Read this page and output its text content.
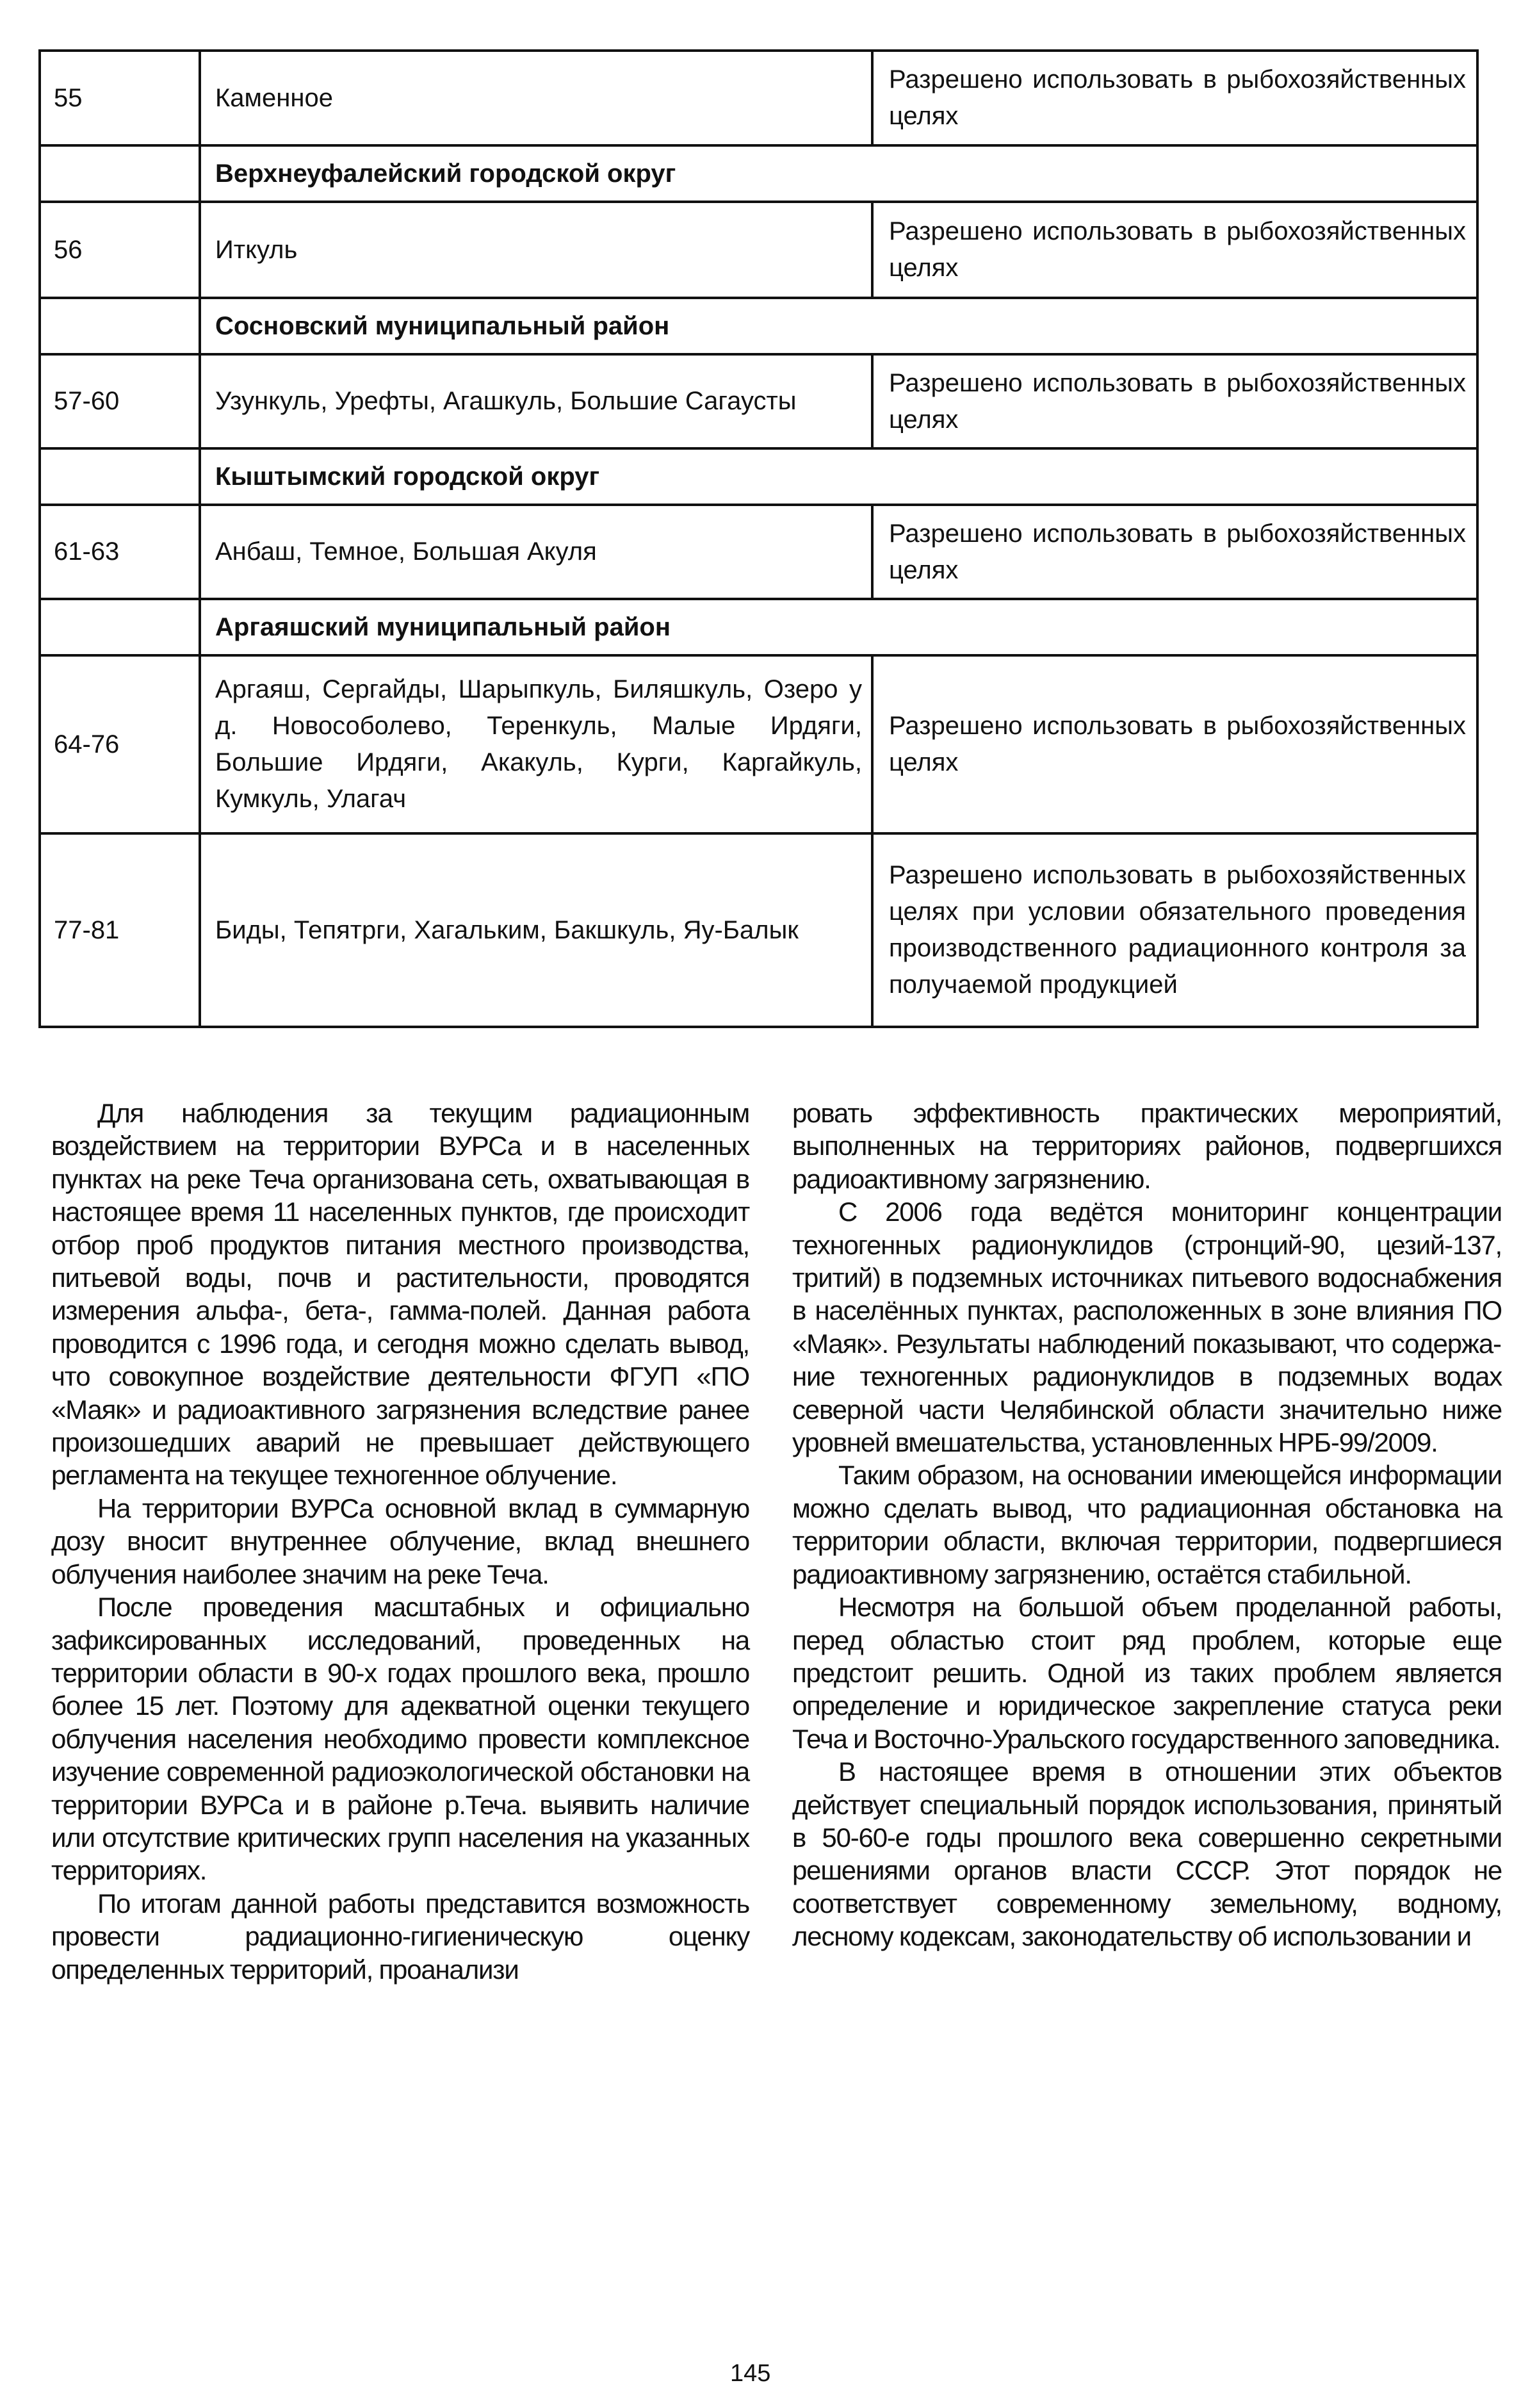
55	Каменное	Разрешено использовать в рыбохозяйственных целях
	Верхнеуфалейский городской округ	
56	Иткуль	Разрешено использовать в рыбохозяйственных целях
	Сосновский муниципальный район	
57-60	Узункуль, Урефты, Агашкуль, Большие Сагаусты	Разрешено использовать в рыбохозяйственных целях
	Кыштымский городской округ	
61-63	Анбаш, Темное, Большая Акуля	Разрешено использовать в рыбохозяйственных целях
	Аргаяшский муниципальный район	
64-76	Аргаяш, Сергайды, Шарыпкуль, Биляшкуль, Озеро у д. Новособолево, Теренкуль, Малые Ирдяги, Большие Ирдяги, Акакуль, Курги, Каргайкуль, Кумкуль, Улагач	Разрешено использовать в рыбохозяйственных целях
77-81	Биды, Тепятрги, Хагальким, Бакшкуль, Яу-Балык	Разрешено использовать в рыбохозяйственных целях при условии обязательного проведения производственного радиационного контроля за получаемой продукцией

Для наблюдения за текущим радиационным воздействием на территории ВУРСа и в населенных пунктах на реке Теча организована сеть, охватывающая в настоящее время 11 населенных пунктов, где происходит отбор проб продуктов питания местного производства, питьевой воды, почв и растительности, проводятся измерения альфа-, бета-, гамма-полей. Данная работа проводится с 1996 года, и сегодня можно сделать вывод, что совокупное воздействие деятельности ФГУП «ПО «Маяк» и радиоактивного загрязнения вследствие ранее произошедших аварий не превышает действующего регламента на текущее техногенное облучение.

На территории ВУРСа основной вклад в суммарную дозу вносит внутреннее облучение, вклад внешнего облучения наиболее значим на реке Теча.

После проведения масштабных и официально зафиксированных исследований, проведенных на территории области в 90-х годах прошлого века, прошло более 15 лет. Поэтому для адекватной оценки текущего облучения населения необходимо провести комплексное изучение современной радиоэкологической обстановки на территории ВУРСа и в районе р.Теча. выявить наличие или отсутствие критических групп населения на указанных территориях.

По итогам данной работы представится возможность провести радиационно-гигиеническую оценку определенных территорий, проанализи

ровать эффективность практических мероприятий, выполненных на территориях районов, подвергшихся радиоактивному загрязнению.

С 2006 года ведётся мониторинг концентрации техногенных радионуклидов (стронций-90, цезий-137, тритий) в подземных источниках питьевого водоснабжения в населённых пунктах, расположенных в зоне влияния ПО «Маяк». Результаты наблюдений показывают, что содержание техногенных радионуклидов в подземных водах северной части Челябинской области значительно ниже уровней вмешательства, установленных НРБ-99/2009.

Таким образом, на основании имеющейся информации можно сделать вывод, что радиационная обстановка на территории области, включая территории, подвергшиеся радиоактивному загрязнению, остаётся стабильной.

Несмотря на большой объем проделанной работы, перед областью стоит ряд проблем, которые еще предстоит решить. Одной из таких проблем является определение и юридическое закрепление статуса реки Теча и Восточно-Уральского государственного заповедника.

В настоящее время в отношении этих объектов действует специальный порядок использования, принятый в 50-60-е годы прошлого века совершенно секретными решениями органов власти СССР. Этот порядок не соответствует современному земельному, водному, лесному кодексам, законодательству об использовании и

145
